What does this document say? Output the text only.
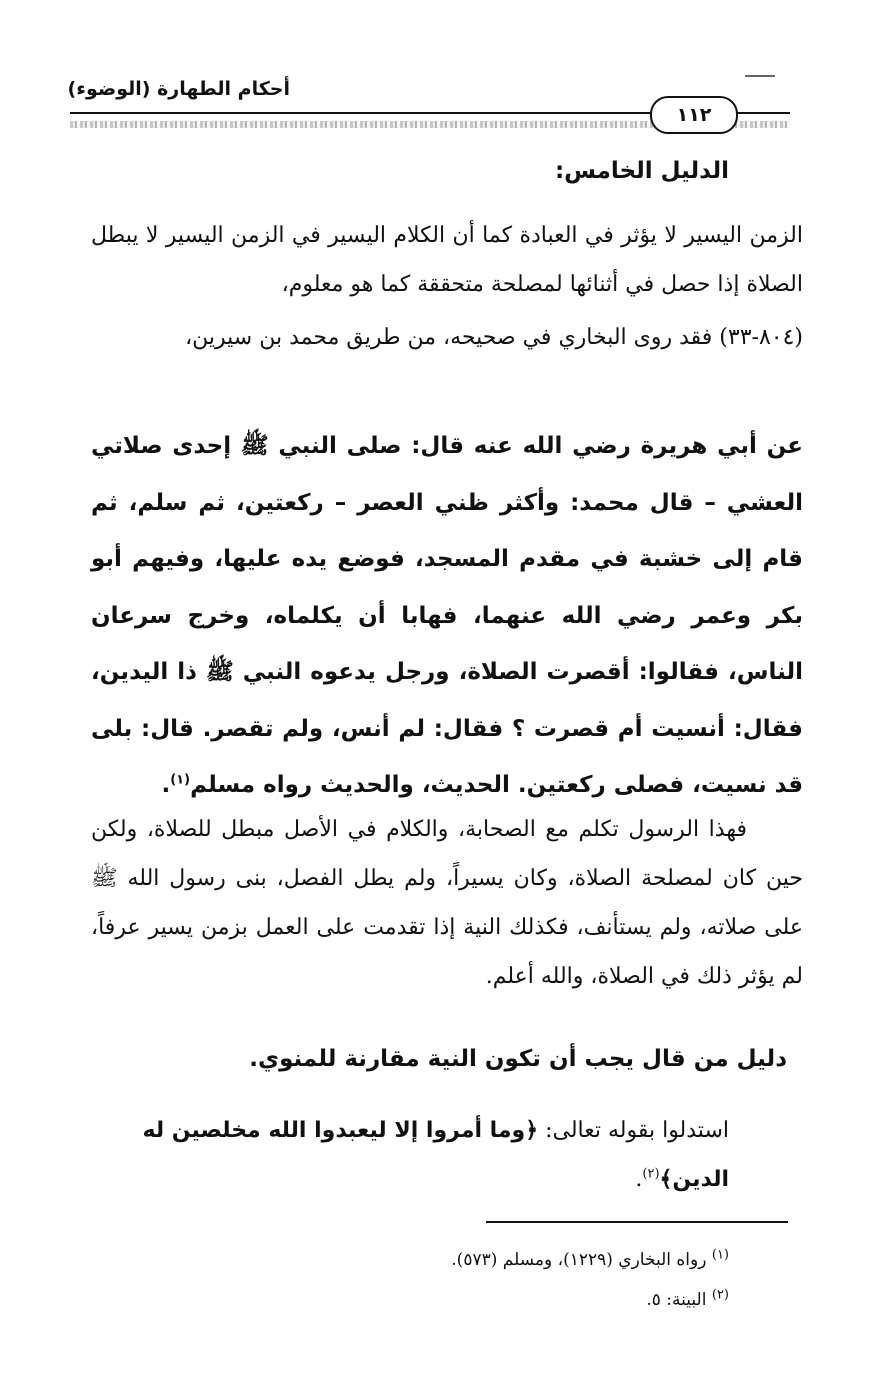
أحكام الطهارة (الوضوء)
١١٢
الدليل الخامس:

الزمن اليسير لا يؤثر في العبادة كما أن الكلام اليسير في الزمن اليسير لا يبطل الصلاة إذا حصل في أثنائها لمصلحة متحققة كما هو معلوم،

(٨٠٤-٣٣) فقد روى البخاري في صحيحه، من طريق محمد بن سيرين،

عن أبي هريرة رضي الله عنه قال: صلى النبي ﷺ إحدى صلاتي العشي – قال محمد: وأكثر ظني العصر – ركعتين، ثم سلم، ثم قام إلى خشبة في مقدم المسجد، فوضع يده عليها، وفيهم أبو بكر وعمر رضي الله عنهما، فهابا أن يكلماه، وخرج سرعان الناس، فقالوا: أقصرت الصلاة، ورجل يدعوه النبي ﷺ ذا اليدين، فقال: أنسيت أم قصرت ؟ فقال: لم أنس، ولم تقصر. قال: بلى قد نسيت، فصلى ركعتين. الحديث، والحديث رواه مسلم$^{(١)}$.

فهذا الرسول تكلم مع الصحابة، والكلام في الأصل مبطل للصلاة، ولكن حين كان لمصلحة الصلاة، وكان يسيراً، ولم يطل الفصل، بنى رسول الله ﷺ على صلاته، ولم يستأنف، فكذلك النية إذا تقدمت على العمل بزمن يسير عرفاً، لم يؤثر ذلك في الصلاة، والله أعلم.

دليل من قال يجب أن تكون النية مقارنة للمنوي.

استدلوا بقوله تعالى: ﴿وما أمروا إلا ليعبدوا الله مخلصين له الدين﴾$^{(٢)}$.

$^{(١)}$ رواه البخاري (١٢٢٩)، ومسلم (٥٧٣).
$^{(٢)}$ البينة: ٥.
